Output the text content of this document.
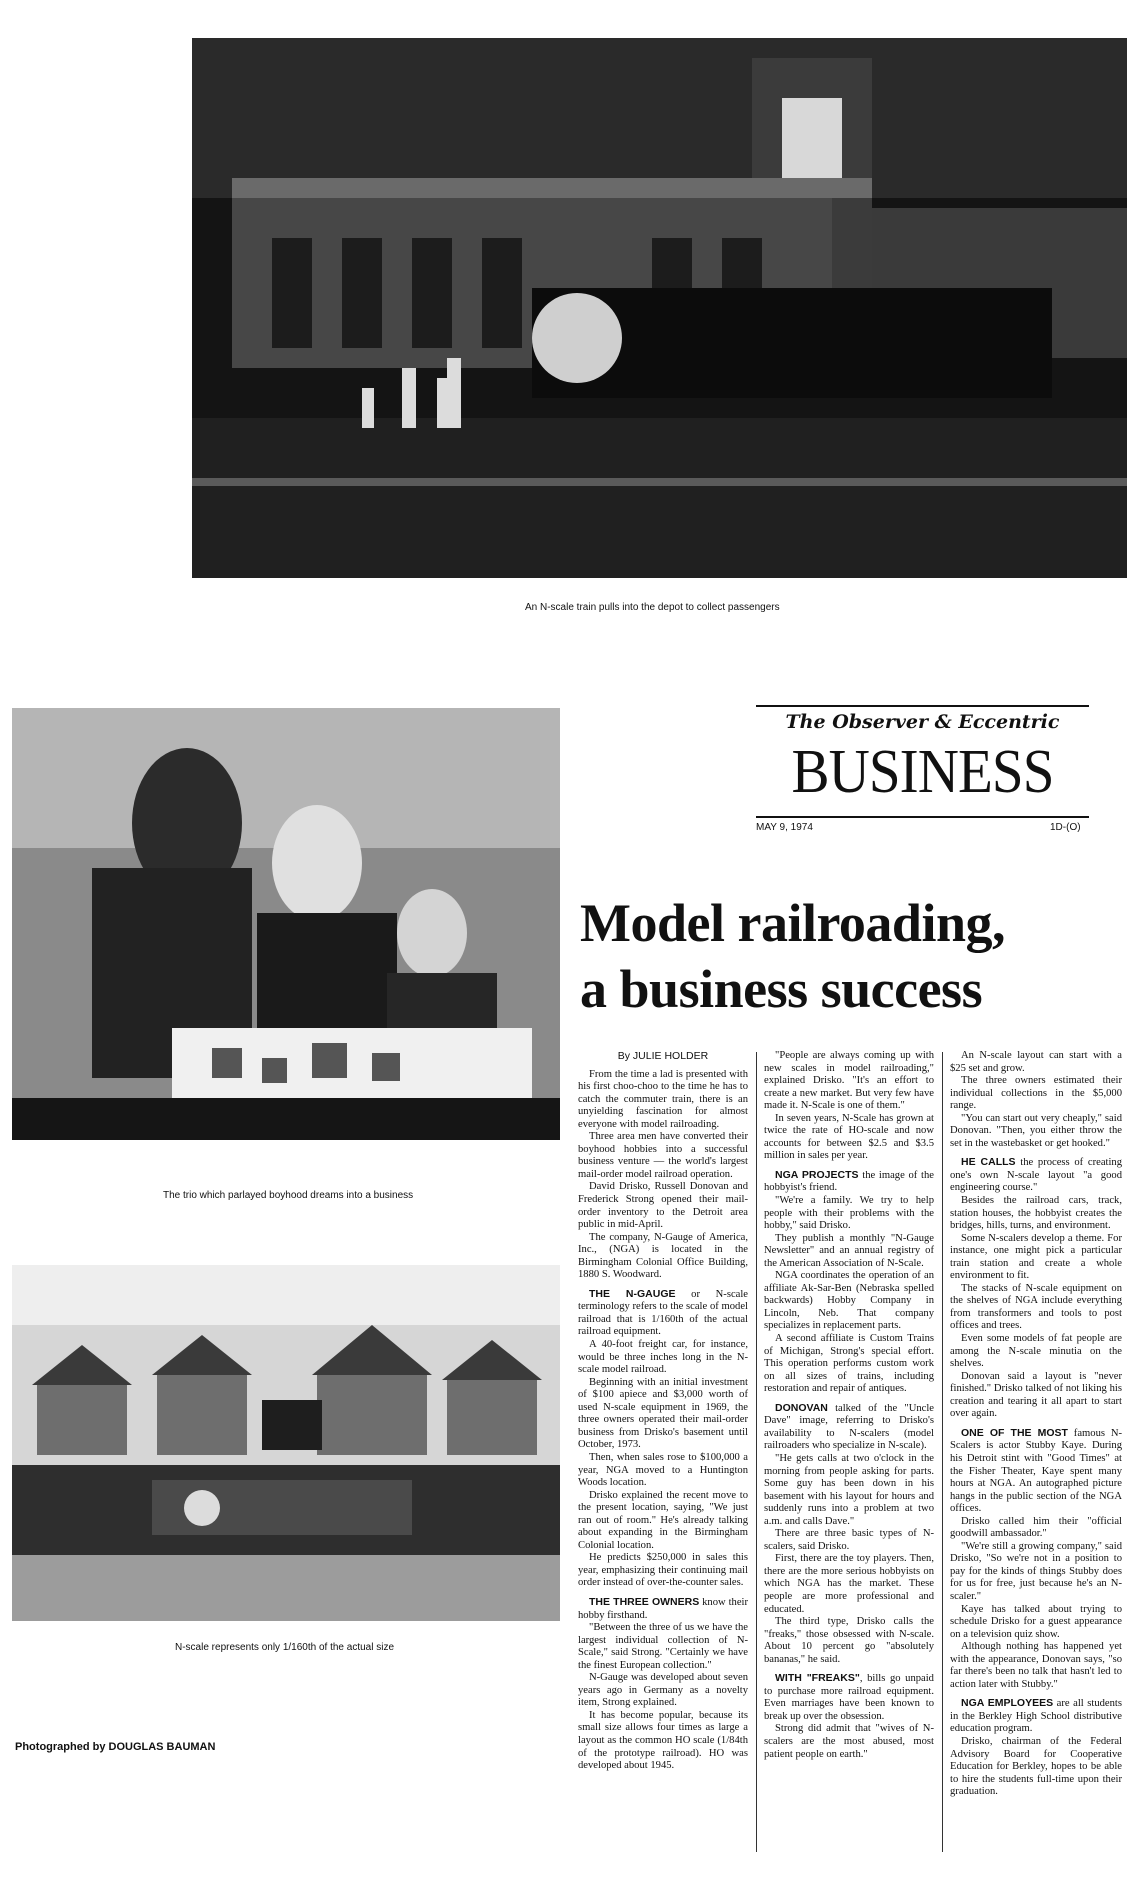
An N-scale train pulls into the depot to collect passengers
The trio which parlayed boyhood dreams into a business
N-scale represents only 1/160th of the actual size
Photographed by DOUGLAS BAUMAN
The Observer & Eccentric
BUSINESS
MAY 9, 1974	1D-(O)
Model railroading,
a business success

By JULIE HOLDER

From the time a lad is presented with his first choo-choo to the time he has to catch the commuter train, there is an unyielding fascination for almost everyone with model railroading.

Three area men have converted their boyhood hobbies into a successful business venture — the world's largest mail-order model railroad operation.

David Drisko, Russell Donovan and Frederick Strong opened their mail-order inventory to the Detroit area public in mid-April.

The company, N-Gauge of America, Inc., (NGA) is located in the Birmingham Colonial Office Building, 1880 S. Woodward.

THE N-GAUGE or N-scale terminology refers to the scale of model railroad that is 1/160th of the actual railroad equipment.

A 40-foot freight car, for instance, would be three inches long in the N-scale model railroad.

Beginning with an initial investment of $100 apiece and $3,000 worth of used N-scale equipment in 1969, the three owners operated their mail-order business from Drisko's basement until October, 1973.

Then, when sales rose to $100,000 a year, NGA moved to a Huntington Woods location.

Drisko explained the recent move to the present location, saying, "We just ran out of room." He's already talking about expanding in the Birmingham Colonial location.

He predicts $250,000 in sales this year, emphasizing their continuing mail order instead of over-the-counter sales.

THE THREE OWNERS know their hobby firsthand.

"Between the three of us we have the largest individual collection of N-Scale," said Strong. "Certainly we have the finest European collection."

N-Gauge was developed about seven years ago in Germany as a novelty item, Strong explained.

It has become popular, because its small size allows four times as large a layout as the common HO scale (1/84th of the prototype railroad). HO was developed about 1945.

"People are always coming up with new scales in model railroading," explained Drisko. "It's an effort to create a new market. But very few have made it. N-Scale is one of them."

In seven years, N-Scale has grown at twice the rate of HO-scale and now accounts for between $2.5 and $3.5 million in sales per year.

NGA PROJECTS the image of the hobbyist's friend.

"We're a family. We try to help people with their problems with the hobby," said Drisko.

They publish a monthly "N-Gauge Newsletter" and an annual registry of the American Association of N-Scale.

NGA coordinates the operation of an affiliate Ak-Sar-Ben (Nebraska spelled backwards) Hobby Company in Lincoln, Neb. That company specializes in replacement parts.

A second affiliate is Custom Trains of Michigan, Strong's special effort. This operation performs custom work on all sizes of trains, including restoration and repair of antiques.

DONOVAN talked of the "Uncle Dave" image, referring to Drisko's availability to N-scalers (model railroaders who specialize in N-scale).

"He gets calls at two o'clock in the morning from people asking for parts. Some guy has been down in his basement with his layout for hours and suddenly runs into a problem at two a.m. and calls Dave."

There are three basic types of N-scalers, said Drisko.

First, there are the toy players. Then, there are the more serious hobbyists on which NGA has the market. These people are more professional and educated.

The third type, Drisko calls the "freaks," those obsessed with N-scale. About 10 percent go "absolutely bananas," he said.

WITH "FREAKS", bills go unpaid to purchase more railroad equipment. Even marriages have been known to break up over the obsession.

Strong did admit that "wives of N-scalers are the most abused, most patient people on earth."

An N-scale layout can start with a $25 set and grow.

The three owners estimated their individual collections in the $5,000 range.

"You can start out very cheaply," said Donovan. "Then, you either throw the set in the wastebasket or get hooked."

HE CALLS the process of creating one's own N-scale layout "a good engineering course."

Besides the railroad cars, track, station houses, the hobbyist creates the bridges, hills, turns, and environment.

Some N-scalers develop a theme. For instance, one might pick a particular train station and create a whole environment to fit.

The stacks of N-scale equipment on the shelves of NGA include everything from transformers and tools to post offices and trees.

Even some models of fat people are among the N-scale minutia on the shelves.

Donovan said a layout is "never finished." Drisko talked of not liking his creation and tearing it all apart to start over again.

ONE OF THE MOST famous N-Scalers is actor Stubby Kaye. During his Detroit stint with "Good Times" at the Fisher Theater, Kaye spent many hours at NGA. An autographed picture hangs in the public section of the NGA offices.

Drisko called him their "official goodwill ambassador."

"We're still a growing company," said Drisko, "So we're not in a position to pay for the kinds of things Stubby does for us for free, just because he's an N-scaler."

Kaye has talked about trying to schedule Drisko for a guest appearance on a television quiz show.

Although nothing has happened yet with the appearance, Donovan says, "so far there's been no talk that hasn't led to action later with Stubby."

NGA EMPLOYEES are all students in the Berkley High School distributive education program.

Drisko, chairman of the Federal Advisory Board for Cooperative Education for Berkley, hopes to be able to hire the students full-time upon their graduation.
